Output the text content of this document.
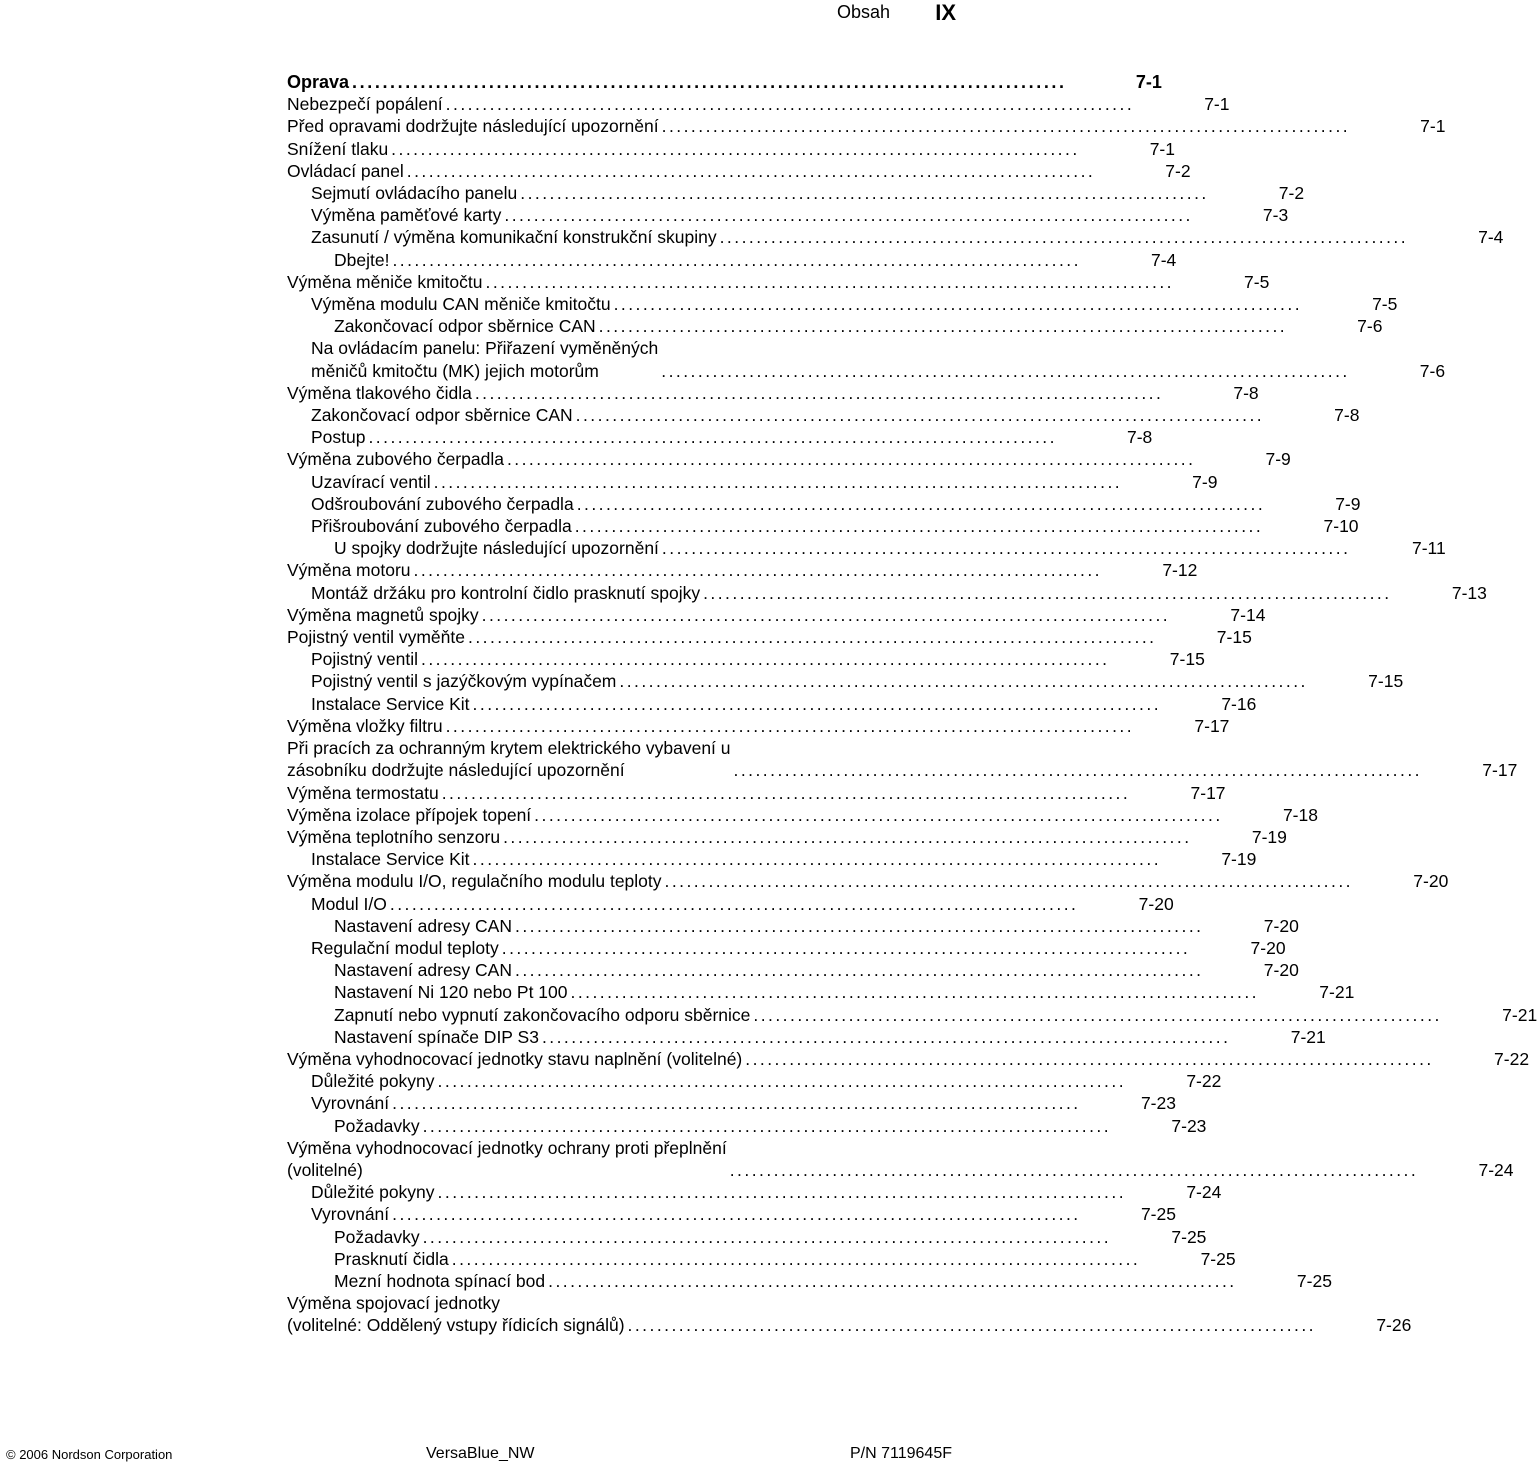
Obsah IX
Oprava . . .	7-1
Nebezpečí popálení . . .	7-1
Před opravami dodržujte následující upozornění . . .	7-1
Snížení tlaku . . .	7-1
Ovládací panel . . .	7-2
Sejmutí ovládacího panelu . . .	7-2
Výměna paměťové karty . . .	7-3
Zasunutí / výměna komunikační konstrukční skupiny . . .	7-4
Dbejte! . . .	7-4
Výměna měniče kmitočtu . . .	7-5
Výměna modulu CAN měniče kmitočtu . . .	7-5
Zakončovací odpor sběrnice CAN . . .	7-6
Na ovládacím panelu: Přiřazení vyměněných
měničů kmitočtu (MK) jejich motorům . . .	7-6
Výměna tlakového čidla . . .	7-8
Zakončovací odpor sběrnice CAN . . .	7-8
Postup . . .	7-8
Výměna zubového čerpadla . . .	7-9
Uzavírací ventil . . .	7-9
Odšroubování zubového čerpadla . . .	7-9
Přišroubování zubového čerpadla . . .	7-10
U spojky dodržujte následující upozornění . . .	7-11
Výměna motoru . . .	7-12
Montáž držáku pro kontrolní čidlo prasknutí spojky . . .	7-13
Výměna magnetů spojky . . .	7-14
Pojistný ventil vyměňte . . .	7-15
Pojistný ventil . . .	7-15
Pojistný ventil s jazýčkovým vypínačem . . .	7-15
Instalace Service Kit . . .	7-16
Výměna vložky filtru . . .	7-17
Při pracích za ochranným krytem elektrického vybavení u
zásobníku dodržujte následující upozornění . . .	7-17
Výměna termostatu . . .	7-17
Výměna izolace přípojek topení . . .	7-18
Výměna teplotního senzoru . . .	7-19
Instalace Service Kit . . .	7-19
Výměna modulu I/O, regulačního modulu teploty . . .	7-20
Modul I/O . . .	7-20
Nastavení adresy CAN . . .	7-20
Regulační modul teploty . . .	7-20
Nastavení adresy CAN . . .	7-20
Nastavení Ni 120 nebo Pt 100 . . .	7-21
Zapnutí nebo vypnutí zakončovacího odporu sběrnice . . .	7-21
Nastavení spínače DIP S3 . . .	7-21
Výměna vyhodnocovací jednotky stavu naplnění (volitelné) . . .	7-22
Důležité pokyny . . .	7-22
Vyrovnání . . .	7-23
Požadavky . . .	7-23
Výměna vyhodnocovací jednotky ochrany proti přeplnění
(volitelné) . . .	7-24
Důležité pokyny . . .	7-24
Vyrovnání . . .	7-25
Požadavky . . .	7-25
Prasknutí čidla . . .	7-25
Mezní hodnota spínací bod . . .	7-25
Výměna spojovací jednotky
(volitelné: Oddělený vstupy řídicích signálů) . . .	7-26
© 2006 Nordson Corporation	VersaBlue_NW	P/N 7119645F
